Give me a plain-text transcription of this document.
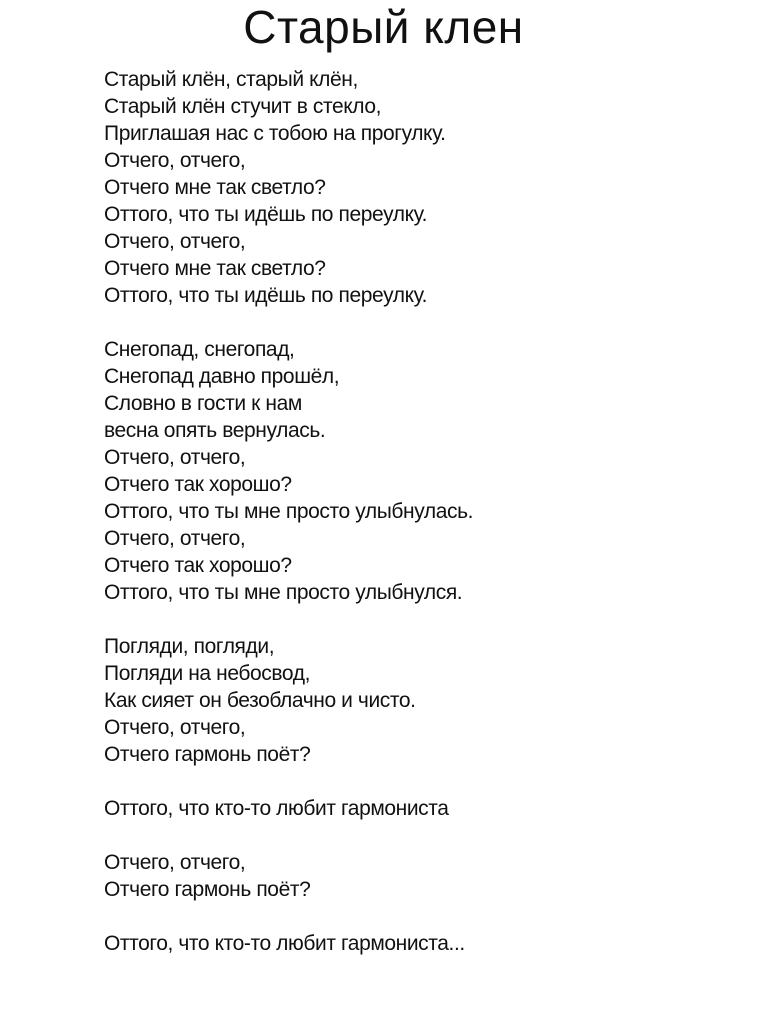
Старый клен
Старый клён, старый клён,
Старый клён стучит в стекло,
Приглашая нас с тобою на прогулку.
Отчего, отчего,
Отчего мне так светло?
Оттого, что ты идёшь по переулку.
Отчего, отчего,
Отчего мне так светло?
Оттого, что ты идёшь по переулку.
Снегопад, снегопад,
Снегопад давно прошёл,
Словно в гости к нам
весна опять вернулась.
Отчего, отчего,
Отчего так хорошо?
Оттого, что ты мне просто улыбнулась.
Отчего, отчего,
Отчего так хорошо?
Оттого, что ты мне просто улыбнулся.
Погляди, погляди,
Погляди на небосвод,
Как сияет он безоблачно и чисто.
Отчего, отчего,
Отчего гармонь поёт?
Оттого, что кто-то любит гармониста
Отчего, отчего,
Отчего гармонь поёт?
Оттого, что кто-то любит гармониста...
